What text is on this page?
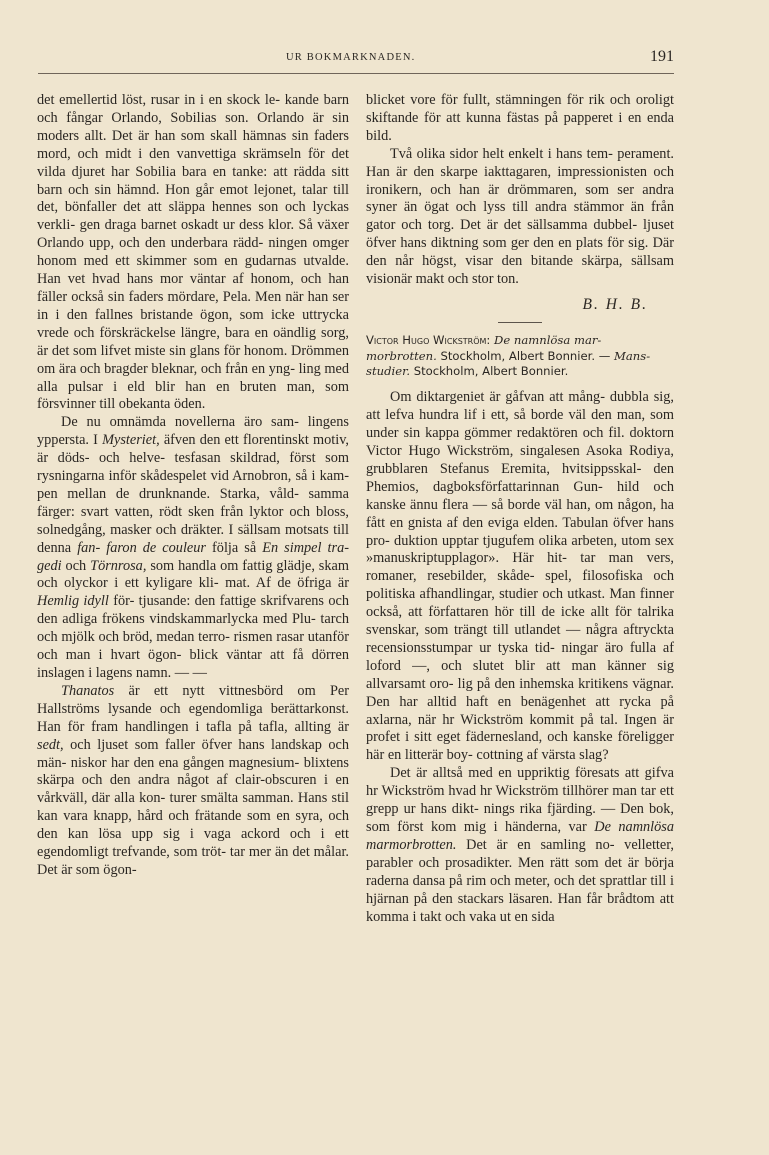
UR BOKMARKNADEN.	191

det emellertid löst, rusar in i en skock le- kande barn och fångar Orlando, Sobilias son. Orlando är sin moders allt. Det är han som skall hämnas sin faders mord, och midt i den vanvettiga skrämseln för det vilda djuret har Sobilia bara en tanke: att rädda sitt barn och sin hämnd. Hon går emot lejonet, talar till det, bönfaller det att släppa hennes son och lyckas verkli- gen draga barnet oskadt ur dess klor. Så växer Orlando upp, och den underbara rädd- ningen omger honom med ett skimmer som en gudarnas utvalde. Han vet hvad hans mor väntar af honom, och han fäller också sin faders mördare, Pela. Men när han ser in i den fallnes bristande ögon, som icke uttrycka vrede och förskräckelse längre, bara en oändlig sorg, är det som lifvet miste sin glans för honom. Drömmen om ära och bragder bleknar, och från en yng- ling med alla pulsar i eld blir han en bruten man, som försvinner till obekanta öden.

De nu omnämda novellerna äro sam- lingens yppersta. I Mysteriet, äfven den ett florentinskt motiv, är döds- och helve- tesfasan skildrad, först som rysningarna inför skådespelet vid Arnobron, så i kam- pen mellan de drunknande. Starka, våld- samma färger: svart vatten, rödt sken från lyktor och bloss, solnedgång, masker och dräkter. I sällsam motsats till denna fan- faron de couleur följa så En simpel tra- gedi och Törnrosa, som handla om fattig glädje, skam och olyckor i ett kyligare kli- mat. Af de öfriga är Hemlig idyll för- tjusande: den fattige skrifvarens och den adliga frökens vindskammarlycka med Plu- tarch och mjölk och bröd, medan terro- rismen rasar utanför och man i hvart ögon- blick väntar att få dörren inslagen i lagens namn. — —

Thanatos är ett nytt vittnesbörd om Per Hallströms lysande och egendomliga berättarkonst. Han för fram handlingen i tafla på tafla, allting är sedt, och ljuset som faller öfver hans landskap och män- niskor har den ena gången magnesium- blixtens skärpa och den andra något af clair-obscuren i en vårkväll, där alla kon- turer smälta samman. Hans stil kan vara knapp, hård och frätande som en syra, och den kan lösa upp sig i vaga ackord och i ett egendomligt trefvande, som tröt- tar mer än det målar. Det är som ögon-

blicket vore för fullt, stämningen för rik och oroligt skiftande för att kunna fästas på papperet i en enda bild.

Två olika sidor helt enkelt i hans tem- perament. Han är den skarpe iakttagaren, impressionisten och ironikern, och han är drömmaren, som ser andra syner än ögat och lyss till andra stämmor än från gator och torg. Det är det sällsamma dubbel- ljuset öfver hans diktning som ger den en plats för sig. Där den når högst, visar den bitande skärpa, sällsam visionär makt och stor ton.

B. H. B.
Victor Hugo Wickström: De namnlösa mar- morbrotten. Stockholm, Albert Bonnier. — Mans- studier. Stockholm, Albert Bonnier.

Om diktargeniet är gåfvan att mång- dubbla sig, att lefva hundra lif i ett, så borde väl den man, som under sin kappa gömmer redaktören och fil. doktorn Victor Hugo Wickström, singalesen Asoka Rodiya, grubblaren Stefanus Eremita, hvitsippsskal- den Phemios, dagboksförfattarinnan Gun- hild och kanske ännu flera — så borde väl han, om någon, ha fått en gnista af den eviga elden. Tabulan öfver hans pro- duktion upptar tjugufem olika arbeten, utom sex »manuskriptupplagor». Här hit- tar man vers, romaner, resebilder, skåde- spel, filosofiska och politiska afhandlingar, studier och utkast. Man finner också, att författaren hör till de icke allt för talrika svenskar, som trängt till utlandet — några aftryckta recensionsstumpar ur tyska tid- ningar äro fulla af loford —, och slutet blir att man känner sig allvarsamt oro- lig på den inhemska kritikens vägnar. Den har alltid haft en benägenhet att rycka på axlarna, när hr Wickström kommit på tal. Ingen är profet i sitt eget fädernesland, och kanske föreligger här en litterär boy- cottning af värsta slag?

Det är alltså med en uppriktig föresats att gifva hr Wickström hvad hr Wickström tillhörer man tar ett grepp ur hans dikt- nings rika fjärding. — Den bok, som först kom mig i händerna, var De namnlösa marmorbrotten. Det är en samling no- velletter, parabler och prosadikter. Men rätt som det är börja raderna dansa på rim och meter, och det sprattlar till i hjärnan på den stackars läsaren. Han får brådtom att komma i takt och vaka ut en sida
